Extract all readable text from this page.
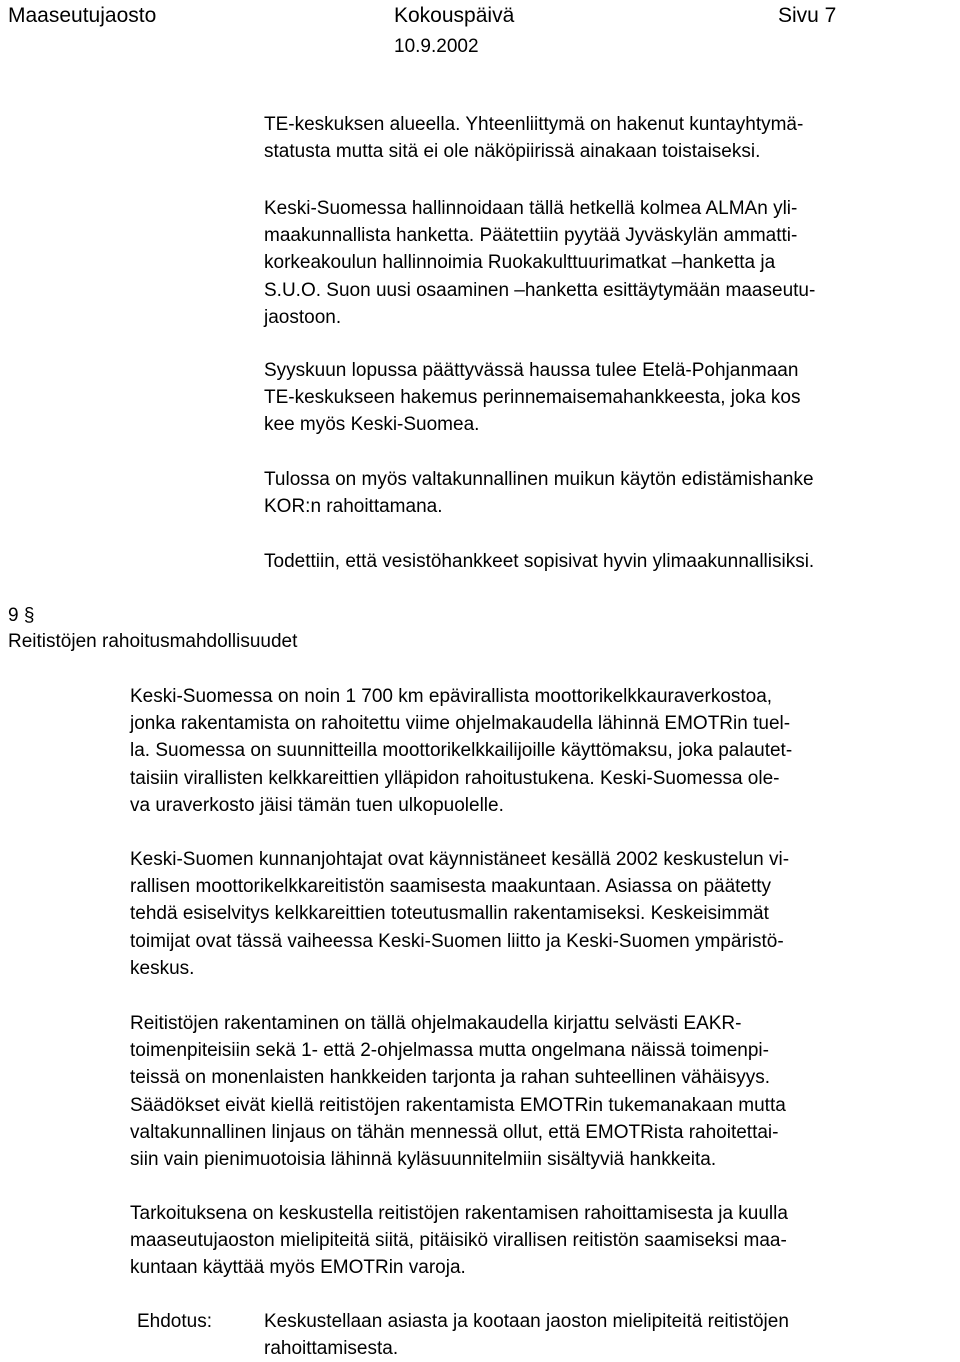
Maaseutujaosto	Kokouspäivä	Sivu 7
10.9.2002
TE-keskuksen alueella. Yhteenliittymä on hakenut kuntayhtymä-
statusta mutta sitä ei ole näköpiirissä ainakaan toistaiseksi.
Keski-Suomessa hallinnoidaan tällä hetkellä kolmea ALMAn yli-
maakunnallista hanketta. Päätettiin pyytää Jyväskylän ammatti-
korkeakoulun hallinnoimia Ruokakulttuurimatkat –hanketta ja
S.U.O. Suon uusi osaaminen –hanketta esittäytymään maaseutu-
jaostoon.
Syyskuun lopussa päättyvässä haussa tulee Etelä-Pohjanmaan
TE-keskukseen hakemus perinnemaisemahankkeesta, joka kos
kee myös Keski-Suomea.
Tulossa on myös valtakunnallinen muikun käytön edistämishanke
KOR:n rahoittamana.
Todettiin, että vesistöhankkeet sopisivat hyvin ylimaakunnallisiksi.
9 §
Reitistöjen rahoitusmahdollisuudet
Keski-Suomessa on noin 1 700 km epävirallista moottorikelkkauraverkostoa,
jonka rakentamista on rahoitettu viime ohjelmakaudella lähinnä EMOTRin tuel-
la. Suomessa on suunnitteilla moottorikelkkailijoille käyttömaksu, joka palautet-
taisiin virallisten kelkkareittien ylläpidon rahoitustukena. Keski-Suomessa ole-
va uraverkosto jäisi tämän tuen ulkopuolelle.
Keski-Suomen kunnanjohtajat ovat käynnistäneet kesällä 2002 keskustelun vi-
rallisen moottorikelkkareitistön saamisesta maakuntaan. Asiassa on päätetty
tehdä esiselvitys kelkkareittien toteutusmallin rakentamiseksi. Keskeisimmät
toimijat ovat tässä vaiheessa Keski-Suomen liitto ja Keski-Suomen ympäristö-
keskus.
Reitistöjen rakentaminen on tällä ohjelmakaudella kirjattu selvästi EAKR-
toimenpiteisiin sekä 1- että 2-ohjelmassa mutta ongelmana näissä toimenpi-
teissä on monenlaisten hankkeiden tarjonta ja rahan suhteellinen vähäisyys.
Säädökset eivät kiellä reitistöjen rakentamista EMOTRin tukemanakaan mutta
valtakunnallinen linjaus on tähän mennessä ollut, että EMOTRista rahoitettai-
siin vain pienimuotoisia lähinnä kyläsuunnitelmiin sisältyviä hankkeita.
Tarkoituksena on keskustella reitistöjen rakentamisen rahoittamisesta ja kuulla
maaseutujaoston mielipiteitä siitä, pitäisikö virallisen reitistön saamiseksi maa-
kuntaan käyttää myös EMOTRin varoja.
Ehdotus:	Keskustellaan asiasta ja kootaan jaoston mielipiteitä reitistöjen
rahoittamisesta.
